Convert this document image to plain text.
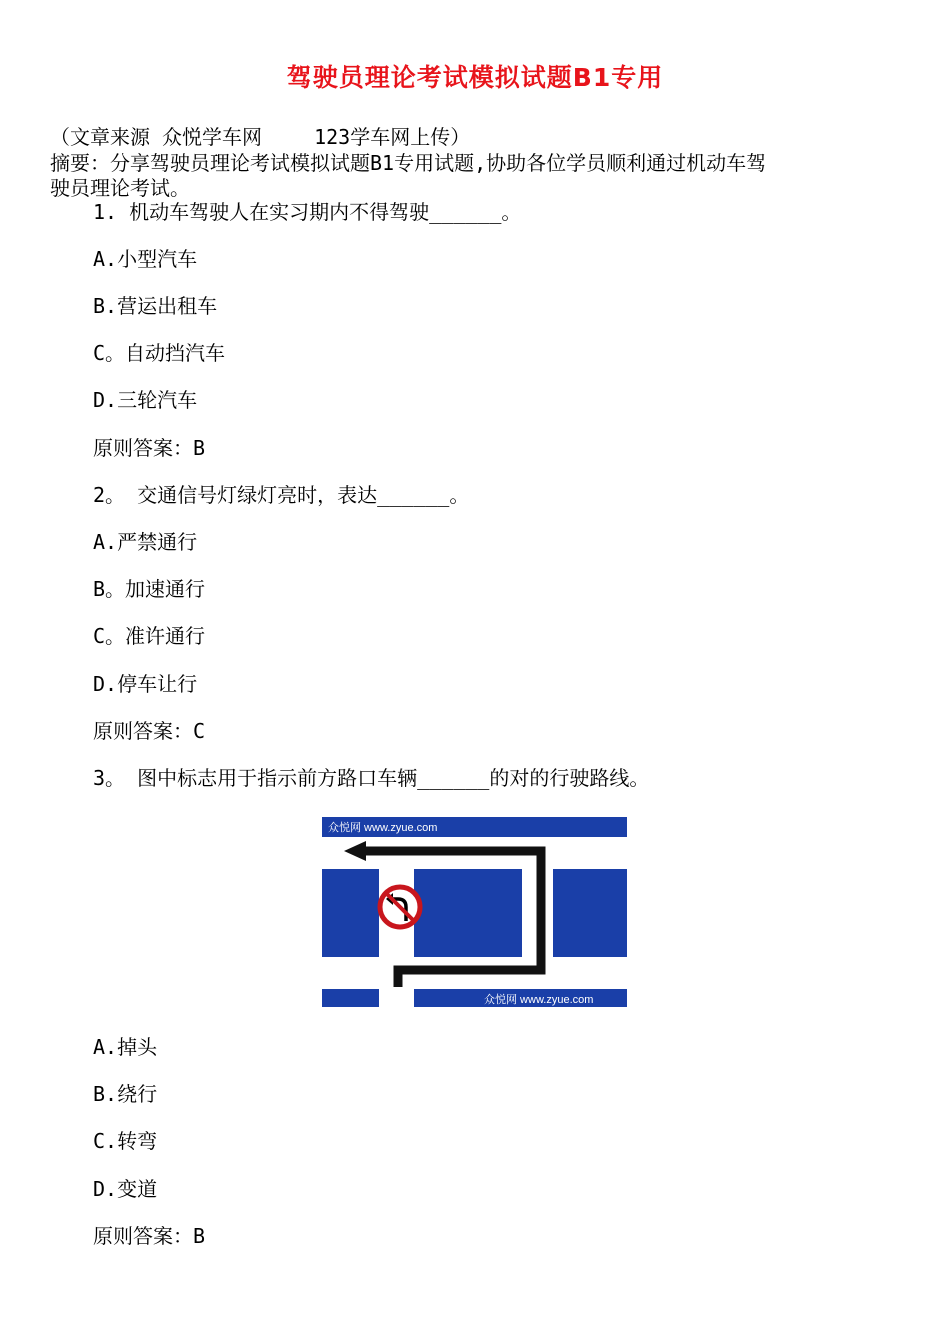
驾驶员理论考试模拟试题B1专用
（文章来源 众悦学车网　　 123学车网上传）
摘要：分享驾驶员理论考试模拟试题B1专用试题,协助各位学员顺利通过机动车驾
驶员理论考试。
1. 机动车驾驶人在实习期内不得驾驶______。
A.小型汽车
B.营运出租车
C。自动挡汽车
D.三轮汽车
原则答案：B
2。 交通信号灯绿灯亮时，表达______。
A.严禁通行
B。加速通行
C。准许通行
D.停车让行
原则答案：C
3。 图中标志用于指示前方路口车辆______的对的行驶路线。
众悦网 www.zyue.com
众悦网 www.zyue.com
A.掉头
B.绕行
C.转弯
D.变道
原则答案：B
